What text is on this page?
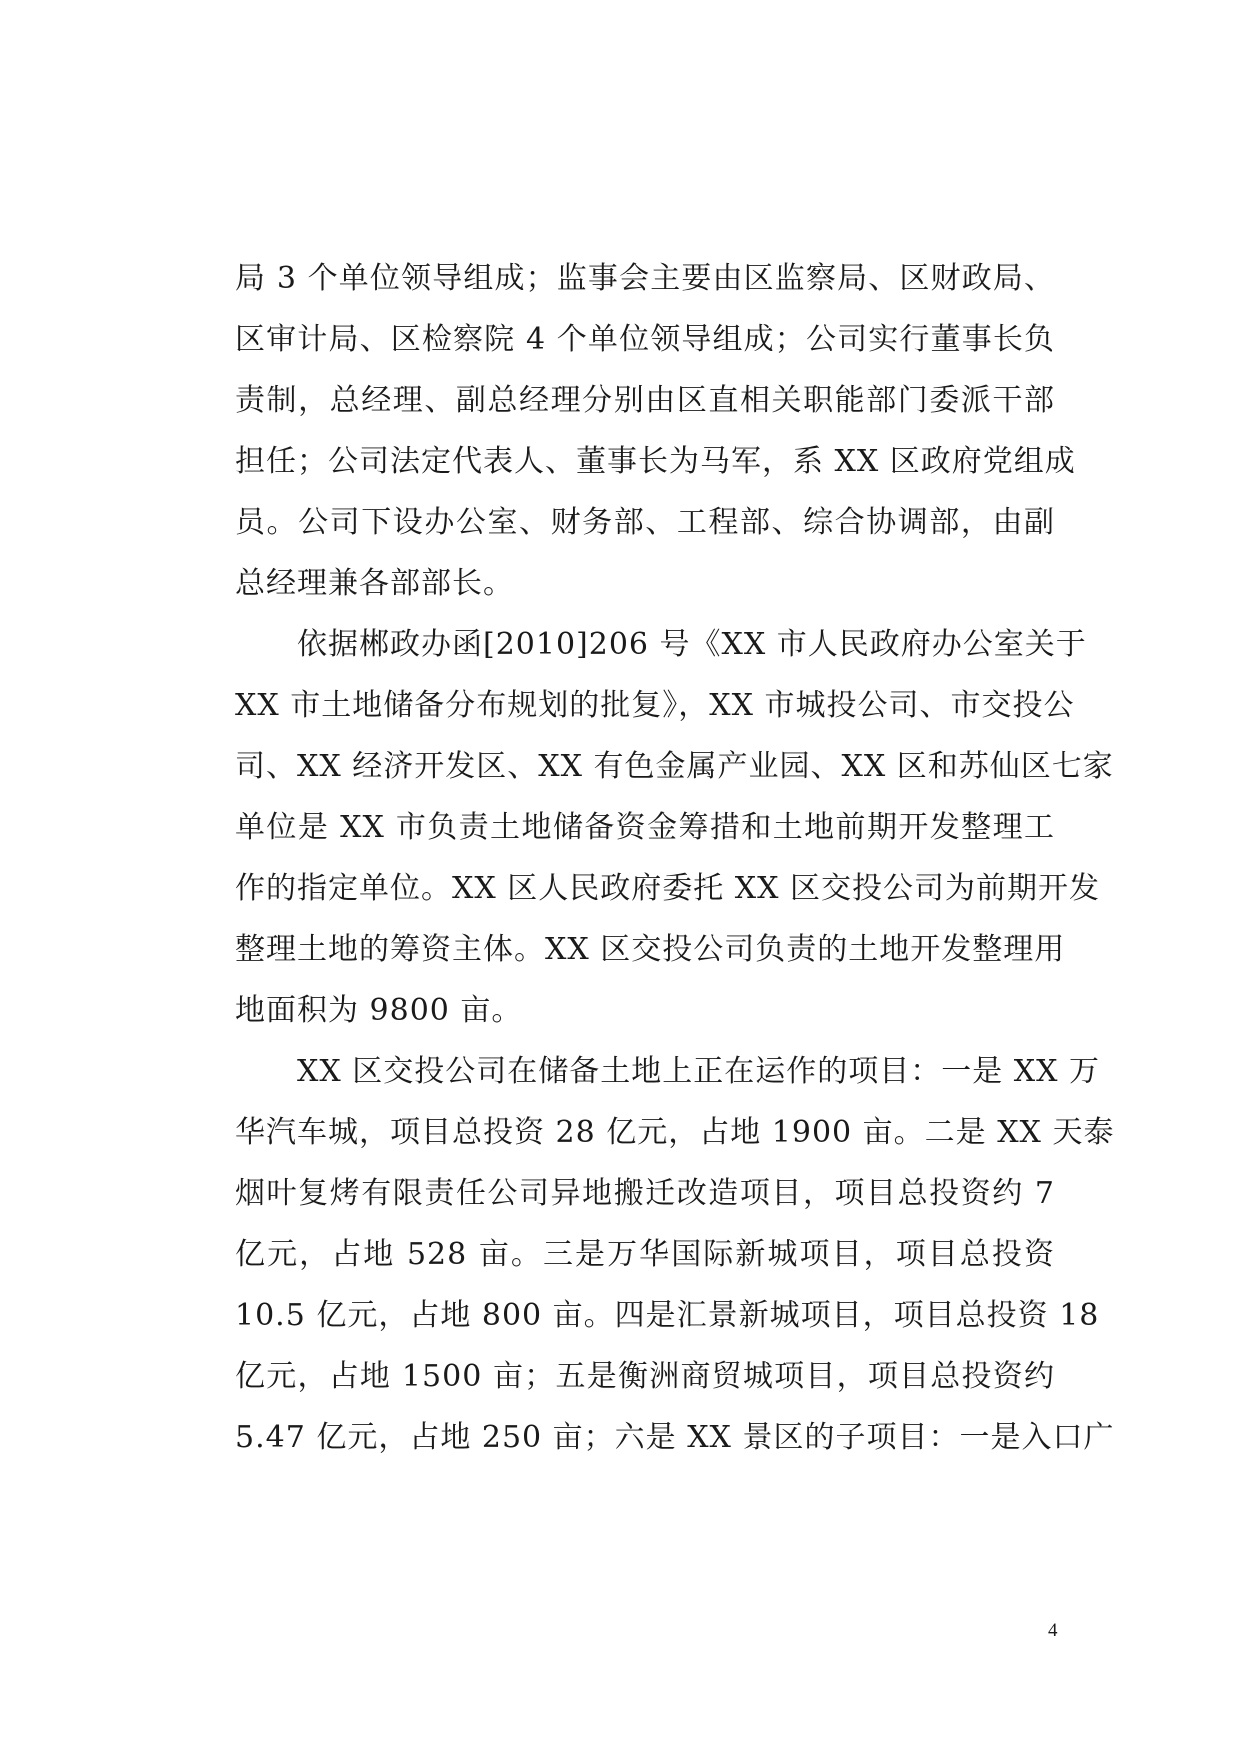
局 3 个单位领导组成；监事会主要由区监察局、区财政局、
区审计局、区检察院 4 个单位领导组成；公司实行董事长负
责制，总经理、副总经理分别由区直相关职能部门委派干部
担任；公司法定代表人、董事长为马军，系 XX 区政府党组成
员。公司下设办公室、财务部、工程部、综合协调部，由副
总经理兼各部部长。
依据郴政办函[2010]206 号《XX 市人民政府办公室关于
XX 市土地储备分布规划的批复》，XX 市城投公司、市交投公
司、XX 经济开发区、XX 有色金属产业园、XX 区和苏仙区七家
单位是 XX 市负责土地储备资金筹措和土地前期开发整理工
作的指定单位。XX 区人民政府委托 XX 区交投公司为前期开发
整理土地的筹资主体。XX 区交投公司负责的土地开发整理用
地面积为 9800 亩。
XX 区交投公司在储备土地上正在运作的项目：一是 XX 万
华汽车城，项目总投资 28 亿元，占地 1900 亩。二是 XX 天泰
烟叶复烤有限责任公司异地搬迁改造项目，项目总投资约 7
亿元，占地 528 亩。三是万华国际新城项目，项目总投资
10.5 亿元，占地 800 亩。四是汇景新城项目，项目总投资 18
亿元，占地 1500 亩；五是衡洲商贸城项目，项目总投资约
5.47 亿元，占地 250 亩；六是 XX 景区的子项目：一是入口广
4
